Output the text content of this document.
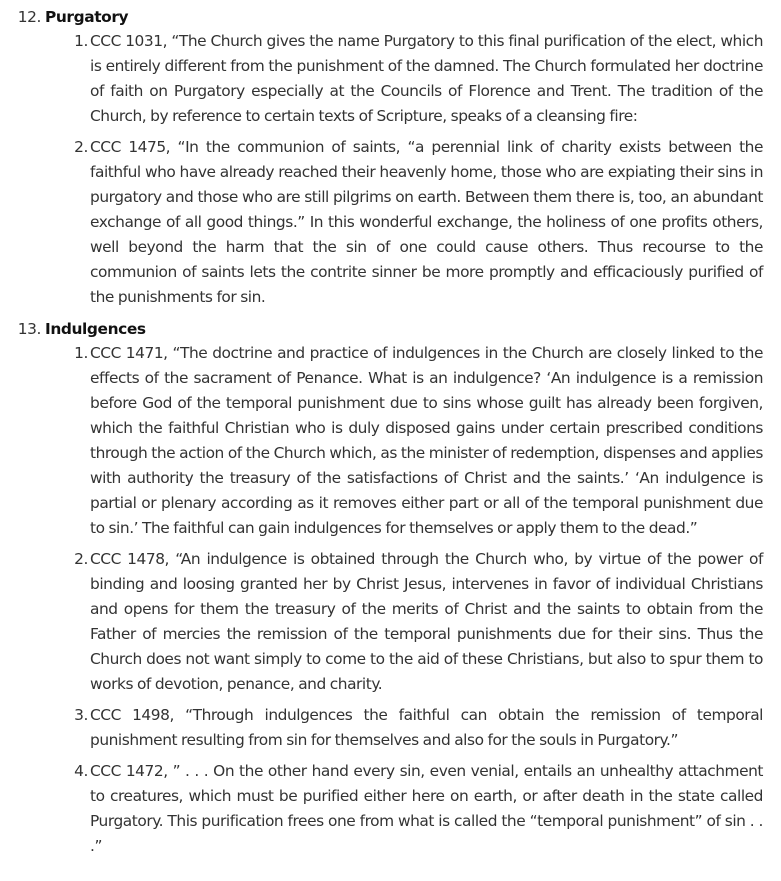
12. Purgatory
1. CCC 1031, “The Church gives the name Purgatory to this final purification of the elect, which is entirely different from the punishment of the damned. The Church formulated her doctrine of faith on Purgatory especially at the Councils of Florence and Trent. The tradition of the Church, by reference to certain texts of Scripture, speaks of a cleansing fire:
2. CCC 1475, “In the communion of saints, “a perennial link of charity exists between the faithful who have already reached their heavenly home, those who are expiating their sins in purgatory and those who are still pilgrims on earth. Between them there is, too, an abundant exchange of all good things.” In this wonderful exchange, the holiness of one profits others, well beyond the harm that the sin of one could cause others. Thus recourse to the communion of saints lets the contrite sinner be more promptly and efficaciously purified of the punishments for sin.
13. Indulgences
1. CCC 1471, “The doctrine and practice of indulgences in the Church are closely linked to the effects of the sacrament of Penance. What is an indulgence? ‘An indulgence is a remission before God of the temporal punishment due to sins whose guilt has already been forgiven, which the faithful Christian who is duly disposed gains under certain prescribed conditions through the action of the Church which, as the minister of redemption, dispenses and applies with authority the treasury of the satisfactions of Christ and the saints.’ ‘An indulgence is partial or plenary according as it removes either part or all of the temporal punishment due to sin.’ The faithful can gain indulgences for themselves or apply them to the dead.”
2. CCC 1478, “An indulgence is obtained through the Church who, by virtue of the power of binding and loosing granted her by Christ Jesus, intervenes in favor of individual Christians and opens for them the treasury of the merits of Christ and the saints to obtain from the Father of mercies the remission of the temporal punishments due for their sins. Thus the Church does not want simply to come to the aid of these Christians, but also to spur them to works of devotion, penance, and charity.
3. CCC 1498, “Through indulgences the faithful can obtain the remission of temporal punishment resulting from sin for themselves and also for the souls in Purgatory.”
4. CCC 1472, ” . . . On the other hand every sin, even venial, entails an unhealthy attachment to creatures, which must be purified either here on earth, or after death in the state called Purgatory. This purification frees one from what is called the “temporal punishment” of sin . . .”
